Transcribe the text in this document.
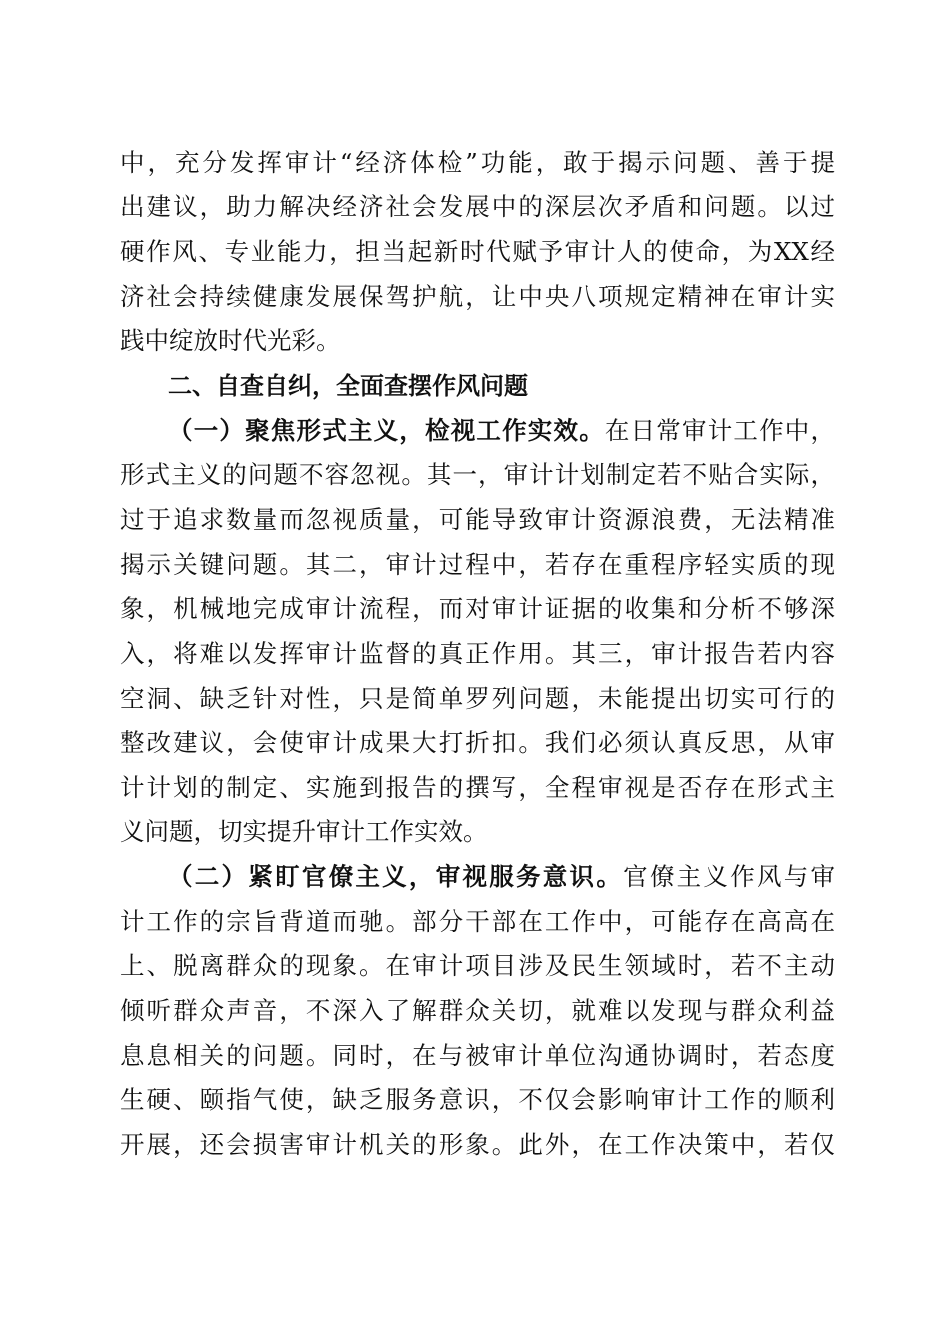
中，充分发挥审计“经济体检”功能，敢于揭示问题、善于提
出建议，助力解决经济社会发展中的深层次矛盾和问题。以过
硬作风、专业能力，担当起新时代赋予审计人的使命，为XX经
济社会持续健康发展保驾护航，让中央八项规定精神在审计实
践中绽放时代光彩。
二、自查自纠，全面查摆作风问题
（一）聚焦形式主义，检视工作实效。在日常审计工作中，
形式主义的问题不容忽视。其一，审计计划制定若不贴合实际，
过于追求数量而忽视质量，可能导致审计资源浪费，无法精准
揭示关键问题。其二，审计过程中，若存在重程序轻实质的现
象，机械地完成审计流程，而对审计证据的收集和分析不够深
入，将难以发挥审计监督的真正作用。其三，审计报告若内容
空洞、缺乏针对性，只是简单罗列问题，未能提出切实可行的
整改建议，会使审计成果大打折扣。我们必须认真反思，从审
计计划的制定、实施到报告的撰写，全程审视是否存在形式主
义问题，切实提升审计工作实效。
（二）紧盯官僚主义，审视服务意识。官僚主义作风与审
计工作的宗旨背道而驰。部分干部在工作中，可能存在高高在
上、脱离群众的现象。在审计项目涉及民生领域时，若不主动
倾听群众声音，不深入了解群众关切，就难以发现与群众利益
息息相关的问题。同时，在与被审计单位沟通协调时，若态度
生硬、颐指气使，缺乏服务意识，不仅会影响审计工作的顺利
开展，还会损害审计机关的形象。此外，在工作决策中，若仅
